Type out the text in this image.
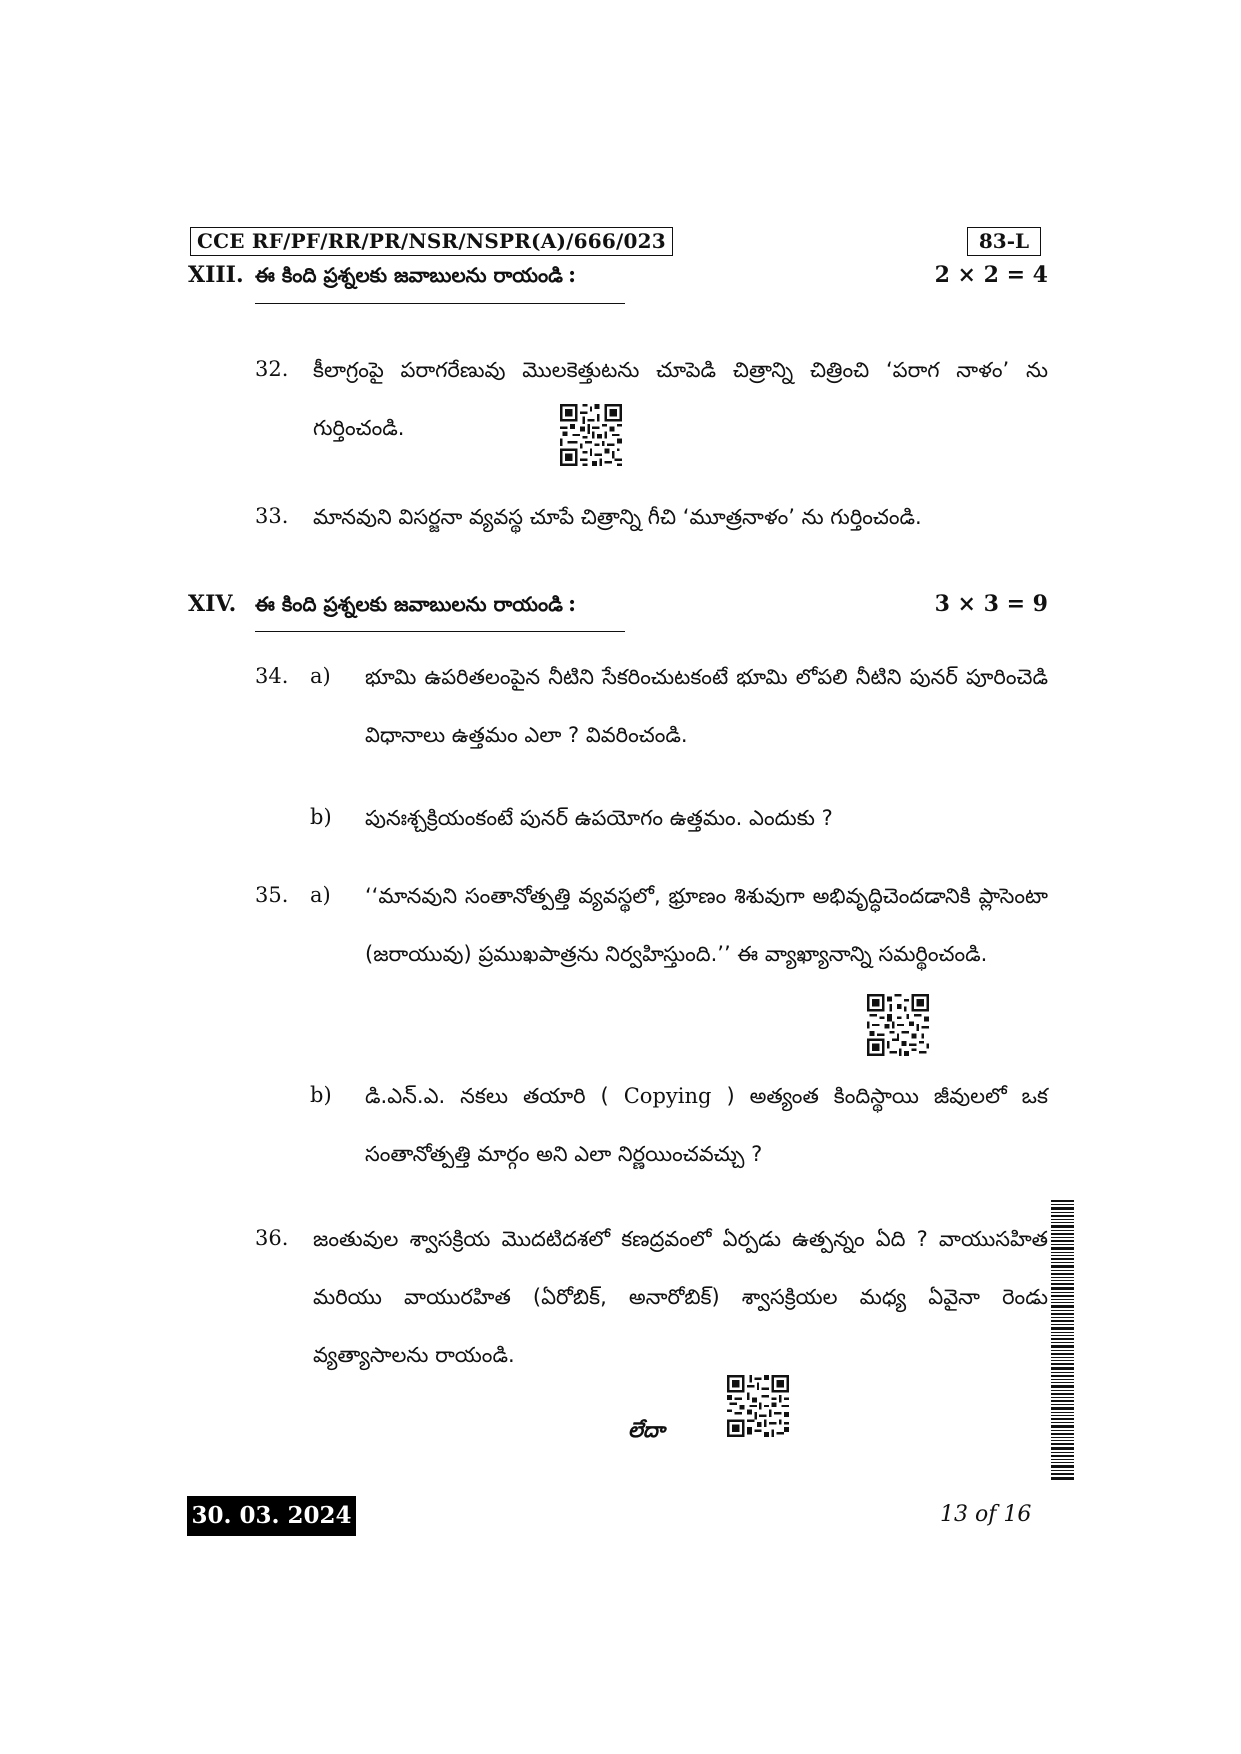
CCE RF/PF/RR/PR/NSR/NSPR(A)/666/023	83-L
XIII. ఈ కింది ప్రశ్నలకు జవాబులను రాయండి :	2 × 2 = 4
32. కీలాగ్రంపై పరాగరేణువు మొలకెత్తుటను చూపెడి చిత్రాన్ని చిత్రించి ‘పరాగ నాళం’ ను గుర్తించండి.
33. మానవుని విసర్జనా వ్యవస్థ చూపే చిత్రాన్ని గీచి ‘మూత్రనాళం’ ను గుర్తించండి.
XIV. ఈ కింది ప్రశ్నలకు జవాబులను రాయండి :	3 × 3 = 9
34. a) భూమి ఉపరితలంపైన నీటిని సేకరించుటకంటే భూమి లోపలి నీటిని పునర్ పూరించెడి విధానాలు ఉత్తమం ఎలా ? వివరించండి.
b) పునఃశ్చక్రియంకంటే పునర్ ఉపయోగం ఉత్తమం. ఎందుకు ?
35. a) ‘‘మానవుని సంతానోత్పత్తి వ్యవస్థలో, భ్రూణం శిశువుగా అభివృద్ధిచెందడానికి ప్లాసెంటా (జరాయువు) ప్రముఖపాత్రను నిర్వహిస్తుంది.’’ ఈ వ్యాఖ్యానాన్ని సమర్థించండి.
b) డి.ఎన్.ఎ. నకలు తయారి ( Copying ) అత్యంత కిందిస్థాయి జీవులలో ఒక సంతానోత్పత్తి మార్గం అని ఎలా నిర్ణయించవచ్చు ?
36. జంతువుల శ్వాసక్రియ మొదటిదశలో కణద్రవంలో ఏర్పడు ఉత్పన్నం ఏది ? వాయుసహిత మరియు వాయురహిత (ఏరోబిక్, అనారోబిక్) శ్వాసక్రియల మధ్య ఏవైనా రెండు వ్యత్యాసాలను రాయండి.
లేదా
30. 03. 2024	13 of 16
